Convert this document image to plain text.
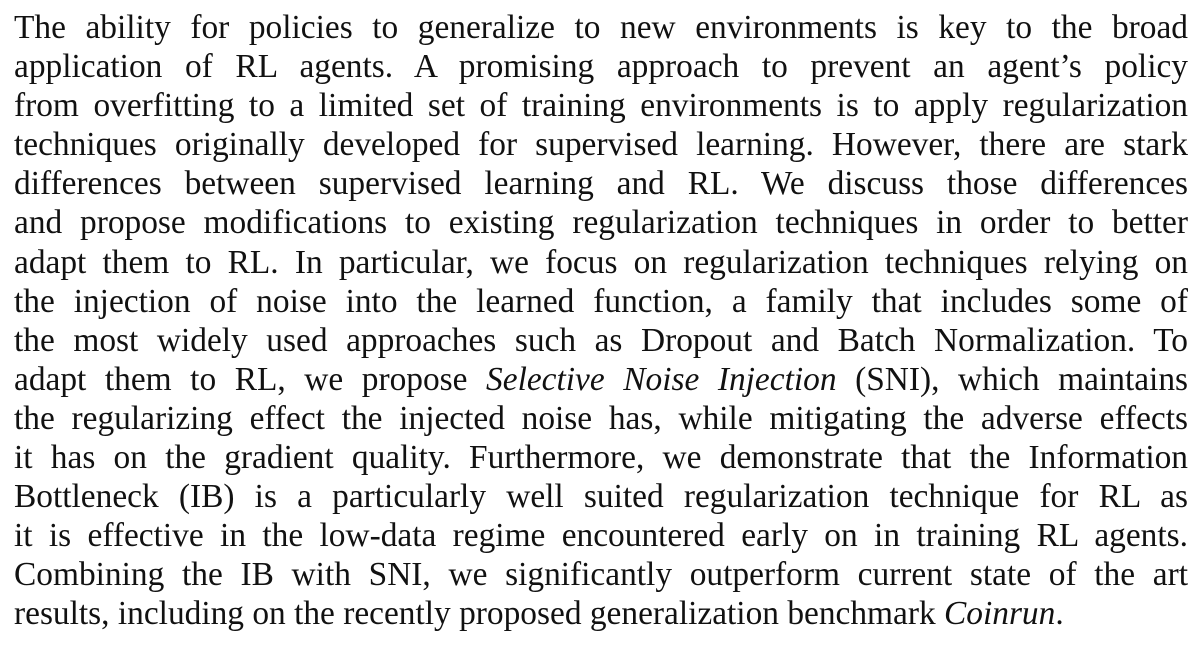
The ability for policies to generalize to new environments is key to the broad
application of RL agents. A promising approach to prevent an agent’s policy
from overfitting to a limited set of training environments is to apply regularization
techniques originally developed for supervised learning. However, there are stark
differences between supervised learning and RL. We discuss those differences
and propose modifications to existing regularization techniques in order to better
adapt them to RL. In particular, we focus on regularization techniques relying on
the injection of noise into the learned function, a family that includes some of
the most widely used approaches such as Dropout and Batch Normalization. To
adapt them to RL, we propose Selective Noise Injection (SNI), which maintains
the regularizing effect the injected noise has, while mitigating the adverse effects
it has on the gradient quality. Furthermore, we demonstrate that the Information
Bottleneck (IB) is a particularly well suited regularization technique for RL as
it is effective in the low-data regime encountered early on in training RL agents.
Combining the IB with SNI, we significantly outperform current state of the art
results, including on the recently proposed generalization benchmark Coinrun.
